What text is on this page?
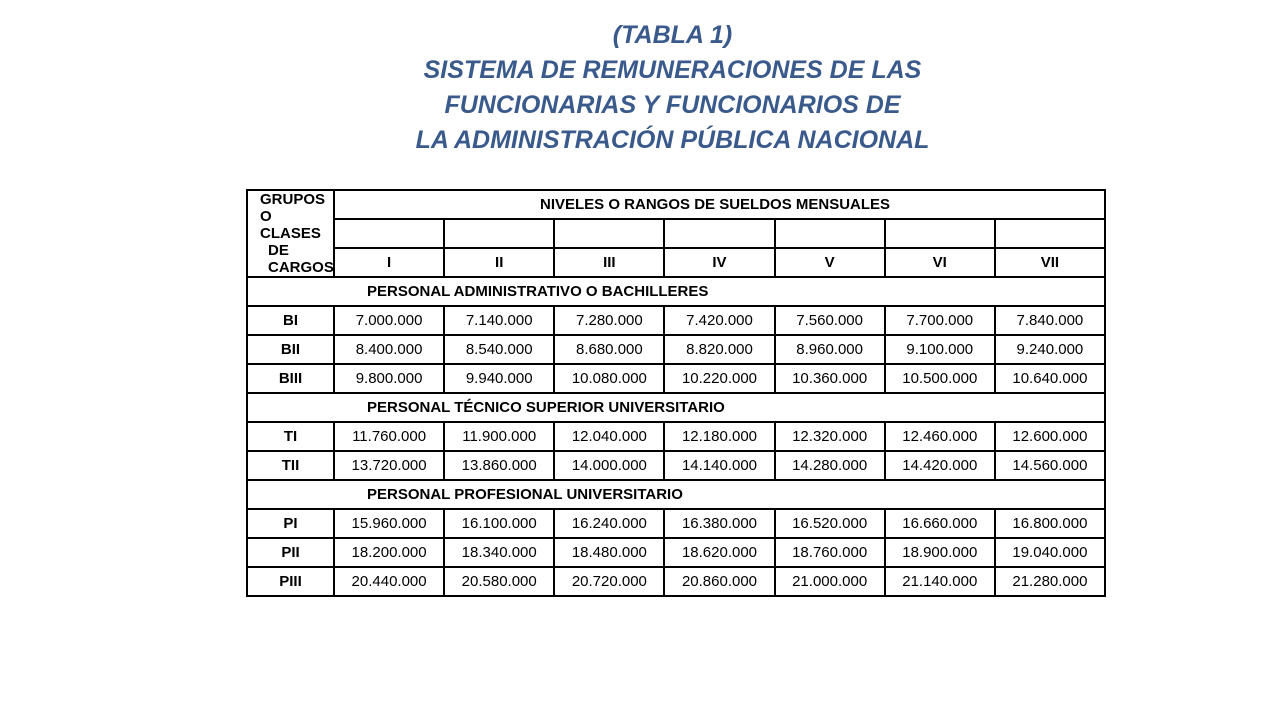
(TABLA 1)
SISTEMA DE REMUNERACIONES DE LAS
FUNCIONARIAS Y FUNCIONARIOS DE
LA ADMINISTRACIÓN PÚBLICA NACIONAL
GRUPOS O
CLASES
DE
CARGOS	NIVELES O RANGOS DE SUELDOS MENSUALES						

	I	II	III	IV	V	VI	VII
PERSONAL ADMINISTRATIVO O BACHILLERES							
BI	7.000.000	7.140.000	7.280.000	7.420.000	7.560.000	7.700.000	7.840.000
BII	8.400.000	8.540.000	8.680.000	8.820.000	8.960.000	9.100.000	9.240.000
BIII	9.800.000	9.940.000	10.080.000	10.220.000	10.360.000	10.500.000	10.640.000
PERSONAL TÉCNICO SUPERIOR UNIVERSITARIO							
TI	11.760.000	11.900.000	12.040.000	12.180.000	12.320.000	12.460.000	12.600.000
TII	13.720.000	13.860.000	14.000.000	14.140.000	14.280.000	14.420.000	14.560.000
PERSONAL PROFESIONAL UNIVERSITARIO							
PI	15.960.000	16.100.000	16.240.000	16.380.000	16.520.000	16.660.000	16.800.000
PII	18.200.000	18.340.000	18.480.000	18.620.000	18.760.000	18.900.000	19.040.000
PIII	20.440.000	20.580.000	20.720.000	20.860.000	21.000.000	21.140.000	21.280.000
